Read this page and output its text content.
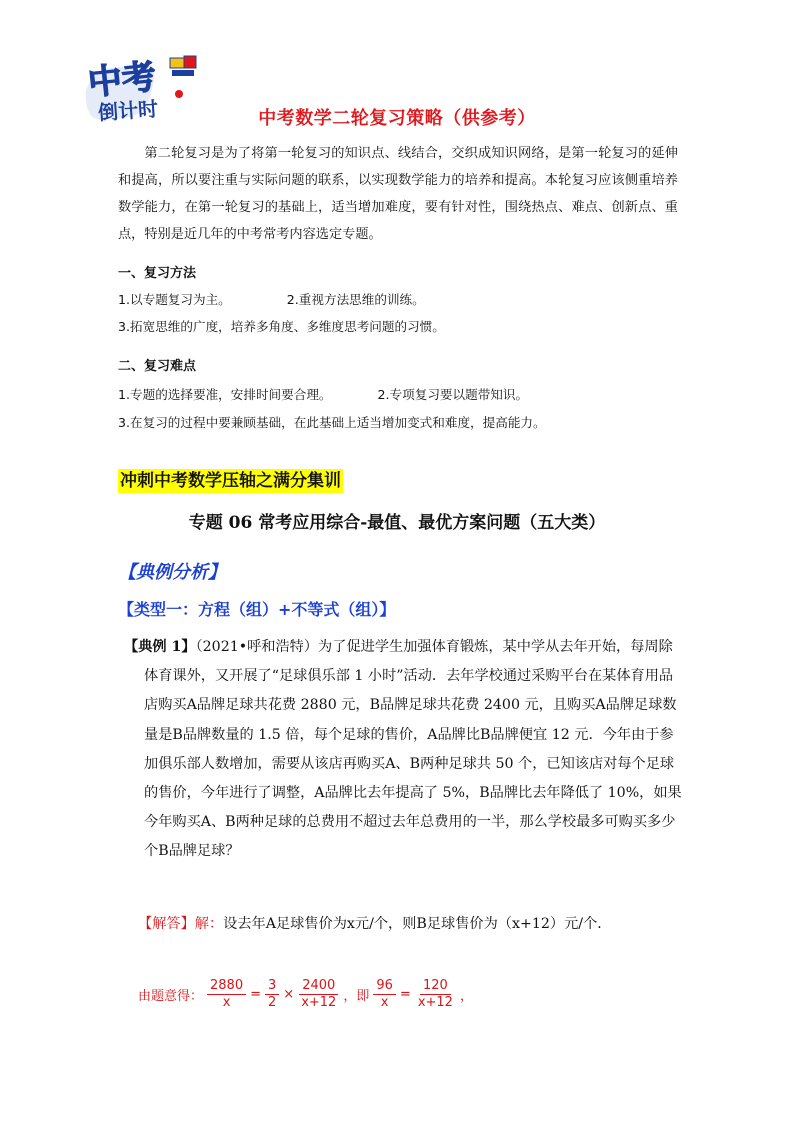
中考
倒计时	中考数学二轮复习策略（供参考）
第二轮复习是为了将第一轮复习的知识点、线结合，交织成知识网络，是第一轮复习的延伸和提高，所以要注重与实际问题的联系，以实现数学能力的培养和提高。本轮复习应该侧重培养数学能力，在第一轮复习的基础上，适当增加难度，要有针对性，围绕热点、难点、创新点、重点，特别是近几年的中考常考内容选定专题。
一、复习方法
1.以专题复习为主。	2.重视方法思维的训练。
3.拓宽思维的广度，培养多角度、多维度思考问题的习惯。
二、复习难点
1.专题的选择要准，安排时间要合理。	2.专项复习要以题带知识。
3.在复习的过程中要兼顾基础，在此基础上适当增加变式和难度，提高能力。
冲刺中考数学压轴之满分集训
专题 06 常考应用综合-最值、最优方案问题（五大类）
【典例分析】
【类型一：方程（组）+不等式（组）】

【典例 1】（2021•呼和浩特）为了促进学生加强体育锻炼，某中学从去年开始，每周除体育课外，又开展了“足球俱乐部 1 小时”活动．去年学校通过采购平台在某体育用品店购买A品牌足球共花费 2880 元，B品牌足球共花费 2400 元，且购买A品牌足球数量是B品牌数量的 1.5 倍，每个足球的售价，A品牌比B品牌便宜 12 元．今年由于参加俱乐部人数增加，需要从该店再购买A、B两种足球共 50 个，已知该店对每个足球的售价，今年进行了调整，A品牌比去年提高了 5%，B品牌比去年降低了 10%，如果今年购买A、B两种足球的总费用不超过去年总费用的一半，那么学校最多可购买多少个B品牌足球？

【解答】解：设去年A足球售价为x元/个，则B足球售价为（x+12）元/个．
由题意得： $\frac{2880}{x} = \frac{3}{2} \times \frac{2400}{x+12}$ ，即 $\frac{96}{x} = \frac{120}{x+12}$ ，
